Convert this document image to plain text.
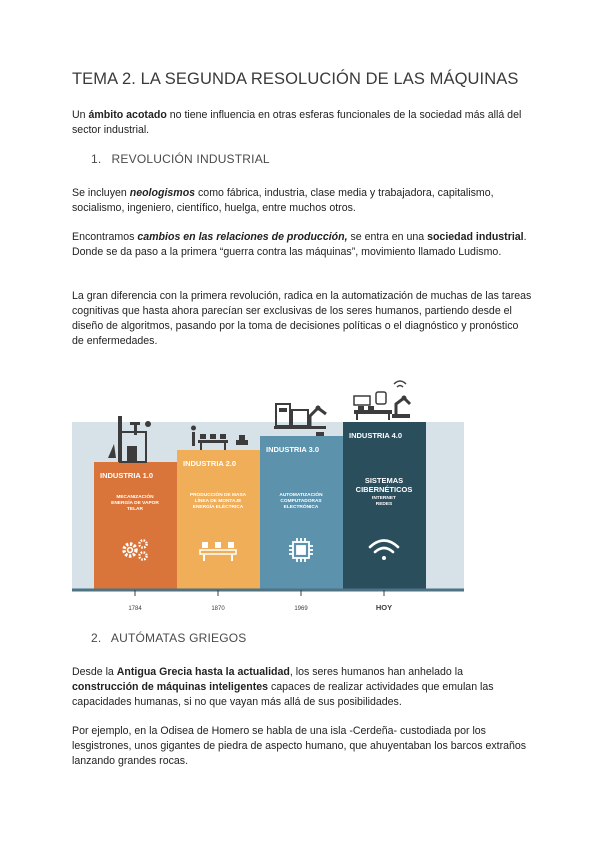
TEMA 2. LA SEGUNDA RESOLUCIÓN DE LAS MÁQUINAS
Un ámbito acotado no tiene influencia en otras esferas funcionales de la sociedad más allá del sector industrial.
1. REVOLUCIÓN INDUSTRIAL
Se incluyen neologismos como fábrica, industria, clase media y trabajadora, capitalismo, socialismo, ingeniero, científico, huelga, entre muchos otros.
Encontramos cambios en las relaciones de producción, se entra en una sociedad industrial. Donde se da paso a la primera “guerra contra las máquinas”, movimiento llamado Ludismo.
La gran diferencia con la primera revolución, radica en la automatización de muchas de las tareas cognitivas que hasta ahora parecían ser exclusivas de los seres humanos, partiendo desde el diseño de algoritmos, pasando por la toma de decisiones políticas o el diagnóstico y pronóstico de enfermedades.
INDUSTRIA 1.0
INDUSTRIA 2.0
INDUSTRIA 3.0
INDUSTRIA 4.0
MECANIZACIÓN
ENERGÍA DE VAPOR
TELAR
PRODUCCIÓN DE MASA
LÍNEA DE MONTAJE
ENERGÍA ELÉCTRICA
AUTOMATIZACIÓN
COMPUTADORAS
ELECTRÓNICA
SISTEMAS
CIBERNÉTICOS
INTERNET
REDES
1784	1870	1969	HOY
2. AUTÓMATAS GRIEGOS
Desde la Antigua Grecia hasta la actualidad, los seres humanos han anhelado la construcción de máquinas inteligentes capaces de realizar actividades que emulan las capacidades humanas, si no que vayan más allá de sus posibilidades.
Por ejemplo, en la Odisea de Homero se habla de una isla -Cerdeña- custodiada por los lesgistrones, unos gigantes de piedra de aspecto humano, que ahuyentaban los barcos extraños lanzando grandes rocas.
